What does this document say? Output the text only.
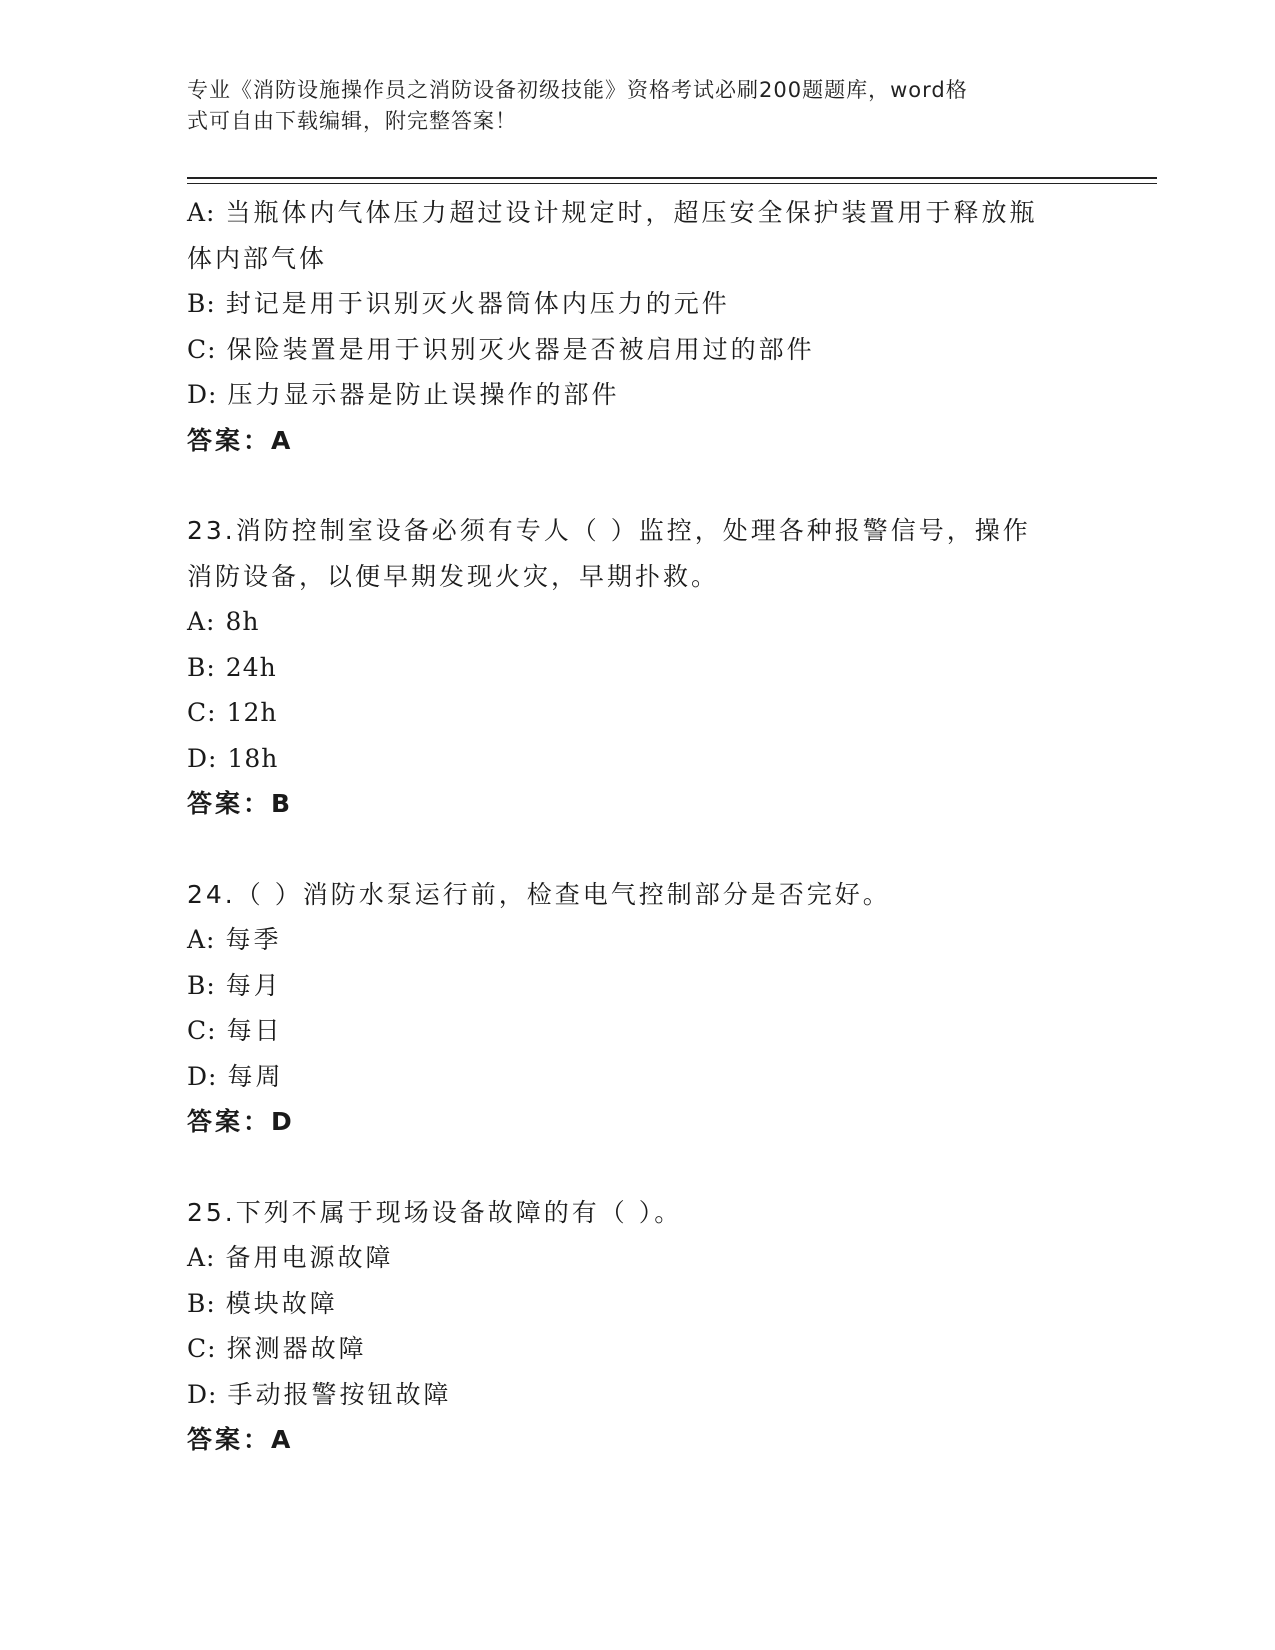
专业《消防设施操作员之消防设备初级技能》资格考试必刷200题题库，word格
式可自由下载编辑，附完整答案！
A: 当瓶体内气体压力超过设计规定时，超压安全保护装置用于释放瓶
体内部气体
B: 封记是用于识别灭火器筒体内压力的元件
C: 保险装置是用于识别灭火器是否被启用过的部件
D: 压力显示器是防止误操作的部件
答案：A
23.消防控制室设备必须有专人（ ）监控，处理各种报警信号，操作
消防设备，以便早期发现火灾，早期扑救。
A: 8h
B: 24h
C: 12h
D: 18h
答案：B
24.（ ）消防水泵运行前，检查电气控制部分是否完好。
A: 每季
B: 每月
C: 每日
D: 每周
答案：D
25.下列不属于现场设备故障的有（ ）。
A: 备用电源故障
B: 模块故障
C: 探测器故障
D: 手动报警按钮故障
答案：A
